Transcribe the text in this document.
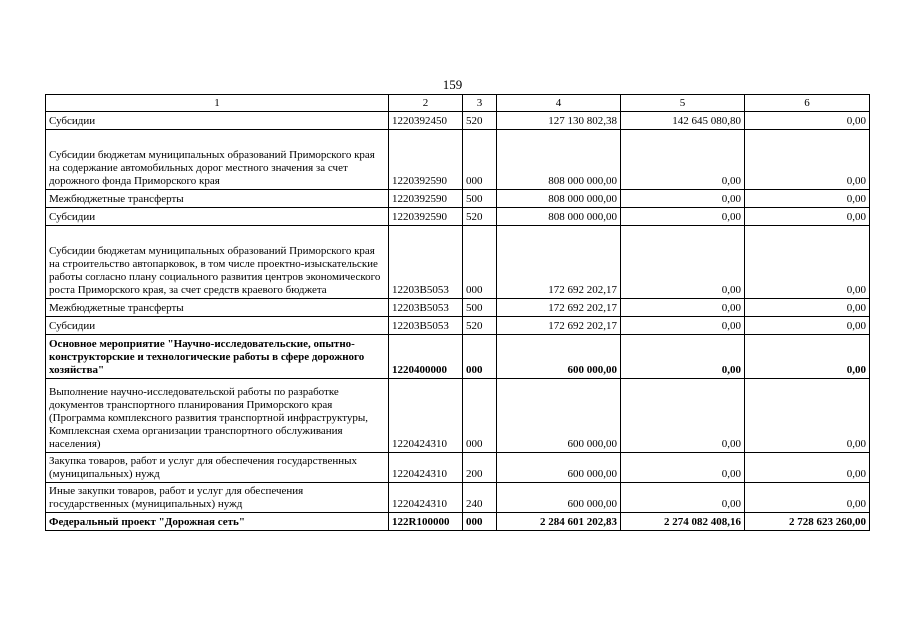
159
1	2	3	4	5	6
Субсидии	1220392450	520	127 130 802,38	142 645 080,80	0,00
Субсидии бюджетам муниципальных образований Приморского края на содержание автомобильных дорог местного значения за счет дорожного фонда Приморского края	1220392590	000	808 000 000,00	0,00	0,00
Межбюджетные трансферты	1220392590	500	808 000 000,00	0,00	0,00
Субсидии	1220392590	520	808 000 000,00	0,00	0,00
Субсидии бюджетам муниципальных образований Приморского края на строительство автопарковок, в том числе проектно-изыскательские работы согласно плану социального развития центров экономического роста Приморского края, за счет средств краевого бюджета	12203В5053	000	172 692 202,17	0,00	0,00
Межбюджетные трансферты	12203В5053	500	172 692 202,17	0,00	0,00
Субсидии	12203В5053	520	172 692 202,17	0,00	0,00
Основное мероприятие "Научно-исследовательские, опытно-конструкторские и технологические работы в сфере дорожного хозяйства"	1220400000	000	600 000,00	0,00	0,00
Выполнение научно-исследовательской работы по разработке документов транспортного планирования Приморского края (Программа комплексного развития транспортной инфраструктуры, Комплексная схема организации транспортного обслуживания населения)	1220424310	000	600 000,00	0,00	0,00
Закупка товаров, работ и услуг для обеспечения государственных (муниципальных) нужд	1220424310	200	600 000,00	0,00	0,00
Иные закупки товаров, работ и услуг для обеспечения государственных (муниципальных) нужд	1220424310	240	600 000,00	0,00	0,00
Федеральный проект "Дорожная сеть"	122R100000	000	2 284 601 202,83	2 274 082 408,16	2 728 623 260,00
